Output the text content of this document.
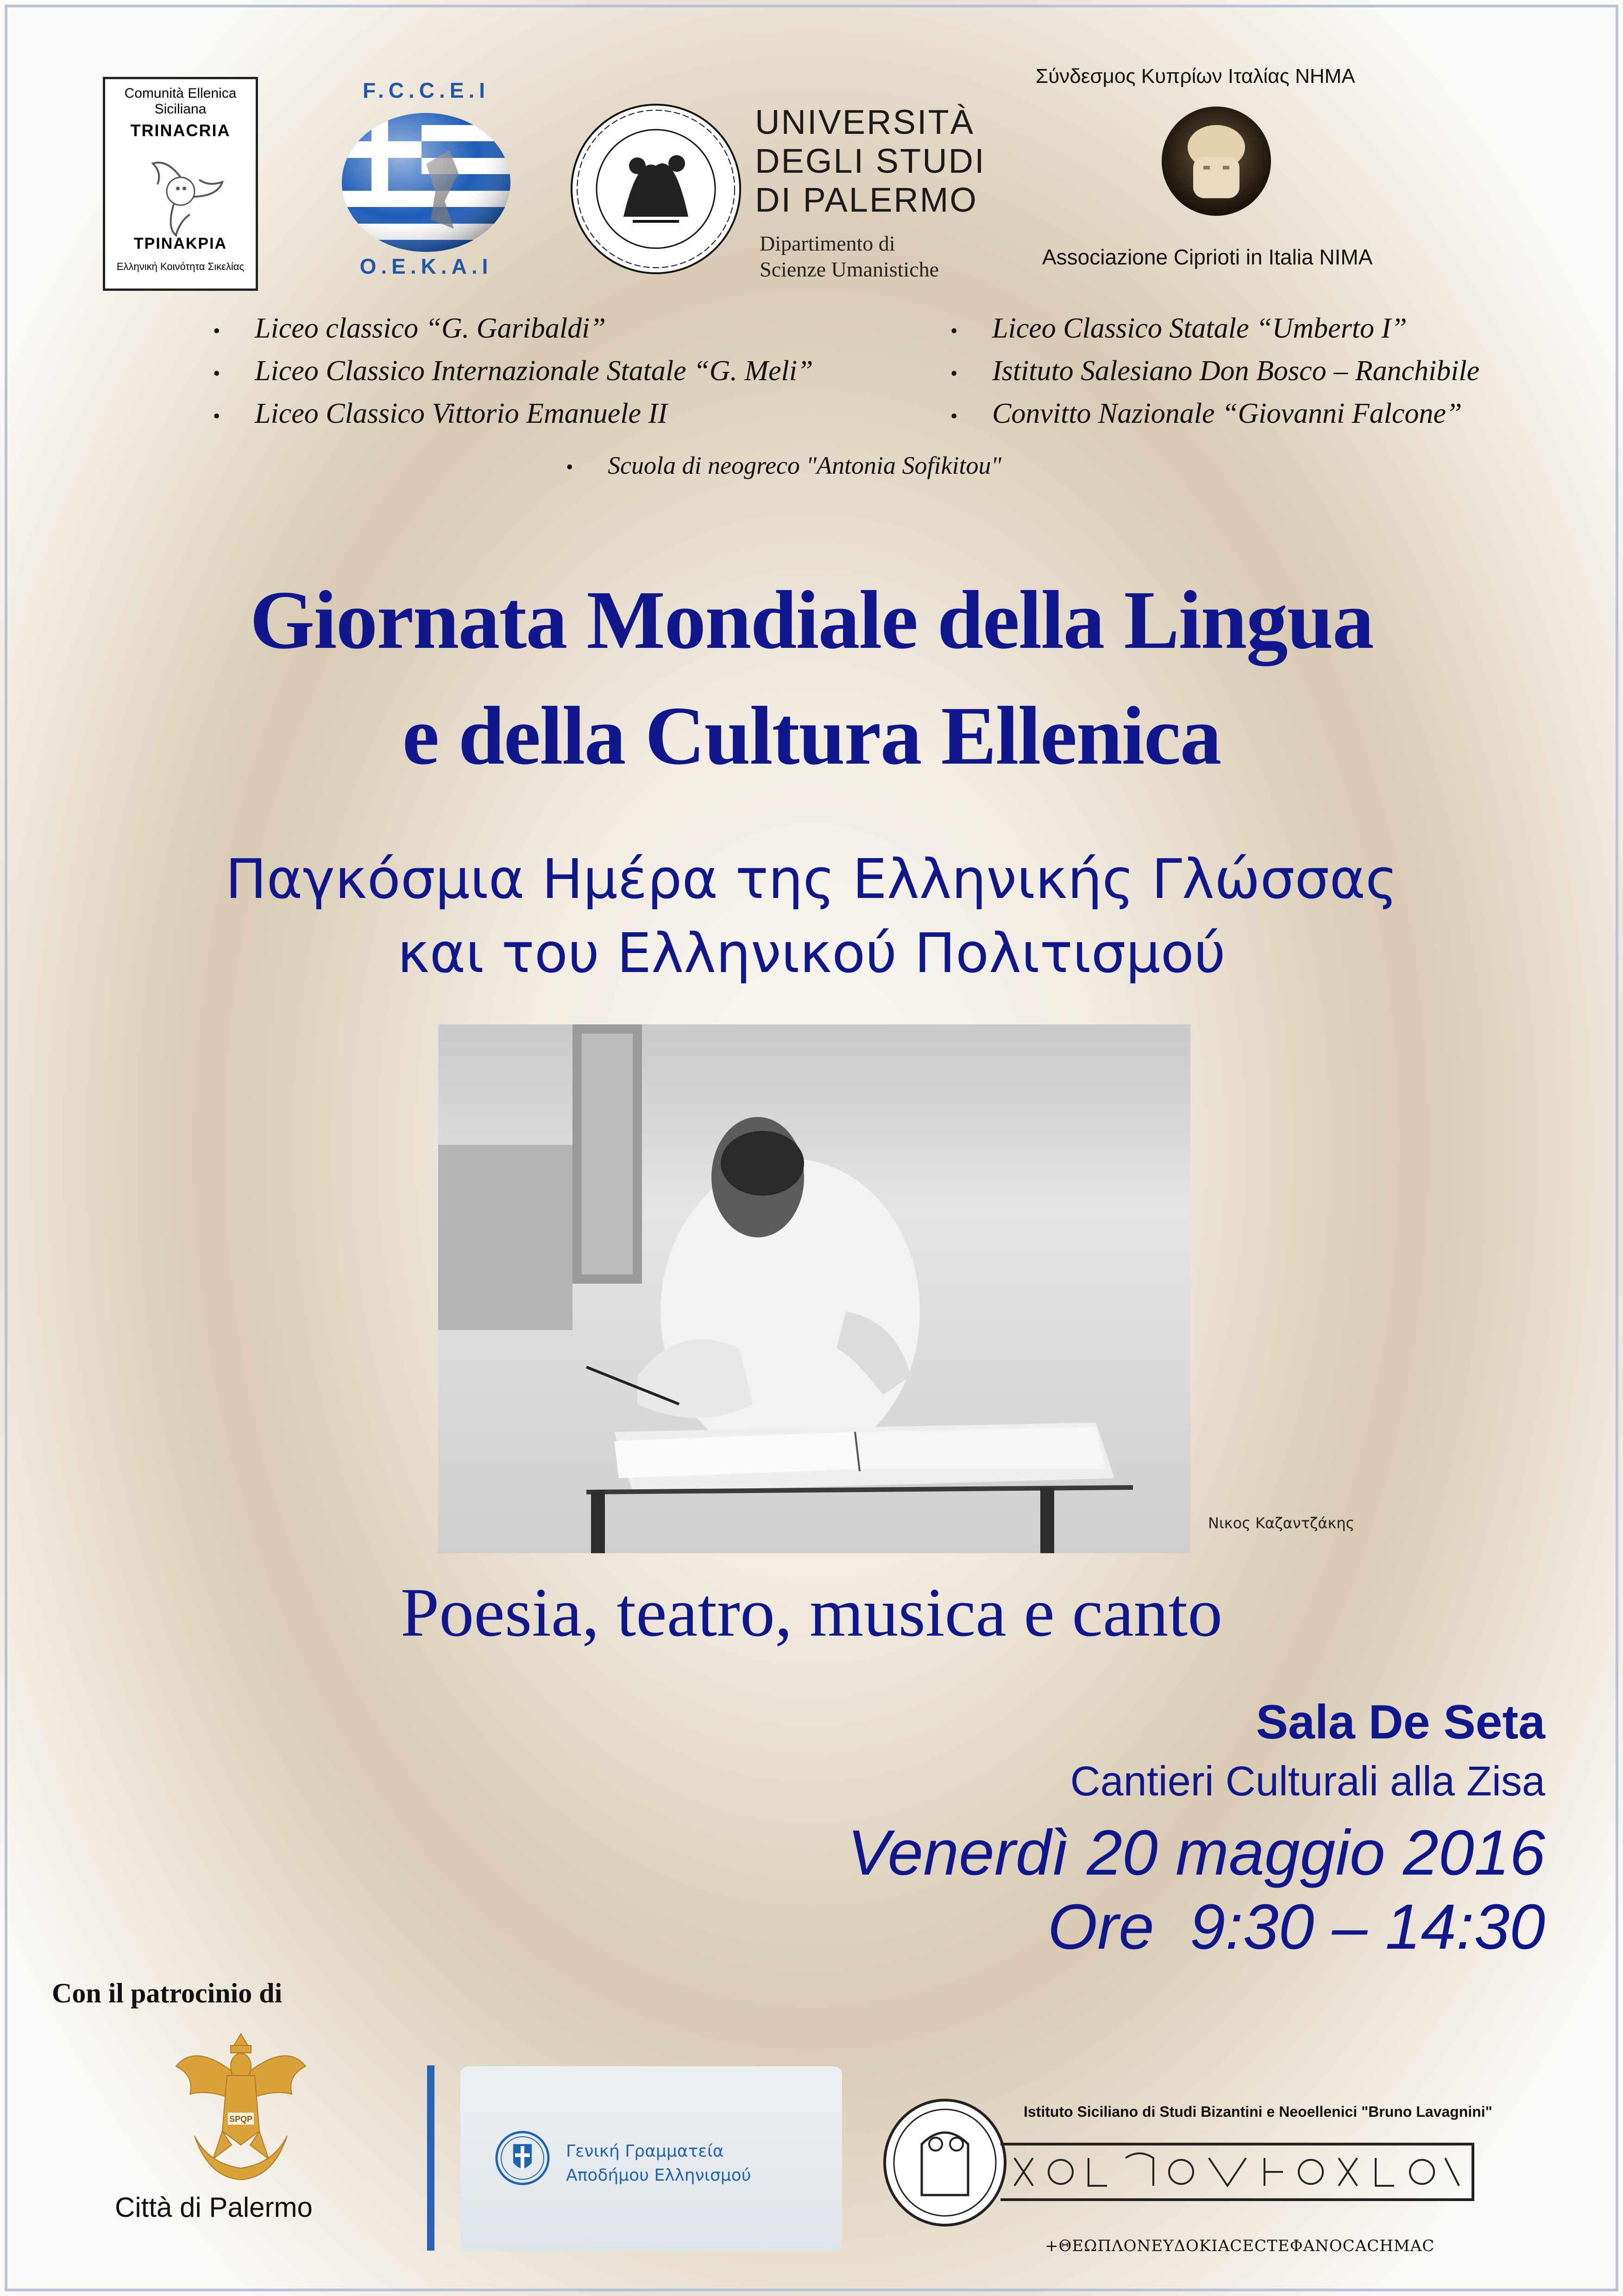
Comunità Ellenica Siciliana
TRINACRIA
ΤΡΙΝΑΚΡΙΑ
Ελληνική Κοινότητα Σικελίας
F.C.C.E.I
O.E.K.A.I
UNIVERSITÀ
DEGLI STUDI
DI PALERMO
Dipartimento di
Scienze Umanistiche
Σύνδεσμος Κυπρίων Ιταλίας ΝΗΜΑ
Associazione Ciprioti in Italia NIMA
• Liceo classico “G. Garibaldi”
• Liceo Classico Internazionale Statale “G. Meli”
• Liceo Classico Vittorio Emanuele II
• Liceo Classico Statale “Umberto I”
• Istituto Salesiano Don Bosco – Ranchibile
• Convitto Nazionale “Giovanni Falcone”
• Scuola di neogreco "Antonia Sofikitou"
Giornata Mondiale della Lingua
e della Cultura Ellenica
Παγκόσμια Ημέρα της Ελληνικής Γλώσσας
και του Ελληνικού Πολιτισμού
Νικος Καζαντζάκης
Poesia, teatro, musica e canto
Sala De Seta
Cantieri Culturali alla Zisa
Venerdì 20 maggio 2016
Ore  9:30 – 14:30
Con il patrocinio di
SPQP
Città di Palermo
Γενική Γραμματεία
Αποδήμου Ελληνισμού
Istituto Siciliano di Studi Bizantini e Neoellenici "Bruno Lavagnini"
+ΘΕΩΠΛΟΝΕΥΔΟΚΙΑCECTΕΦΑΝΟCACHMAC
